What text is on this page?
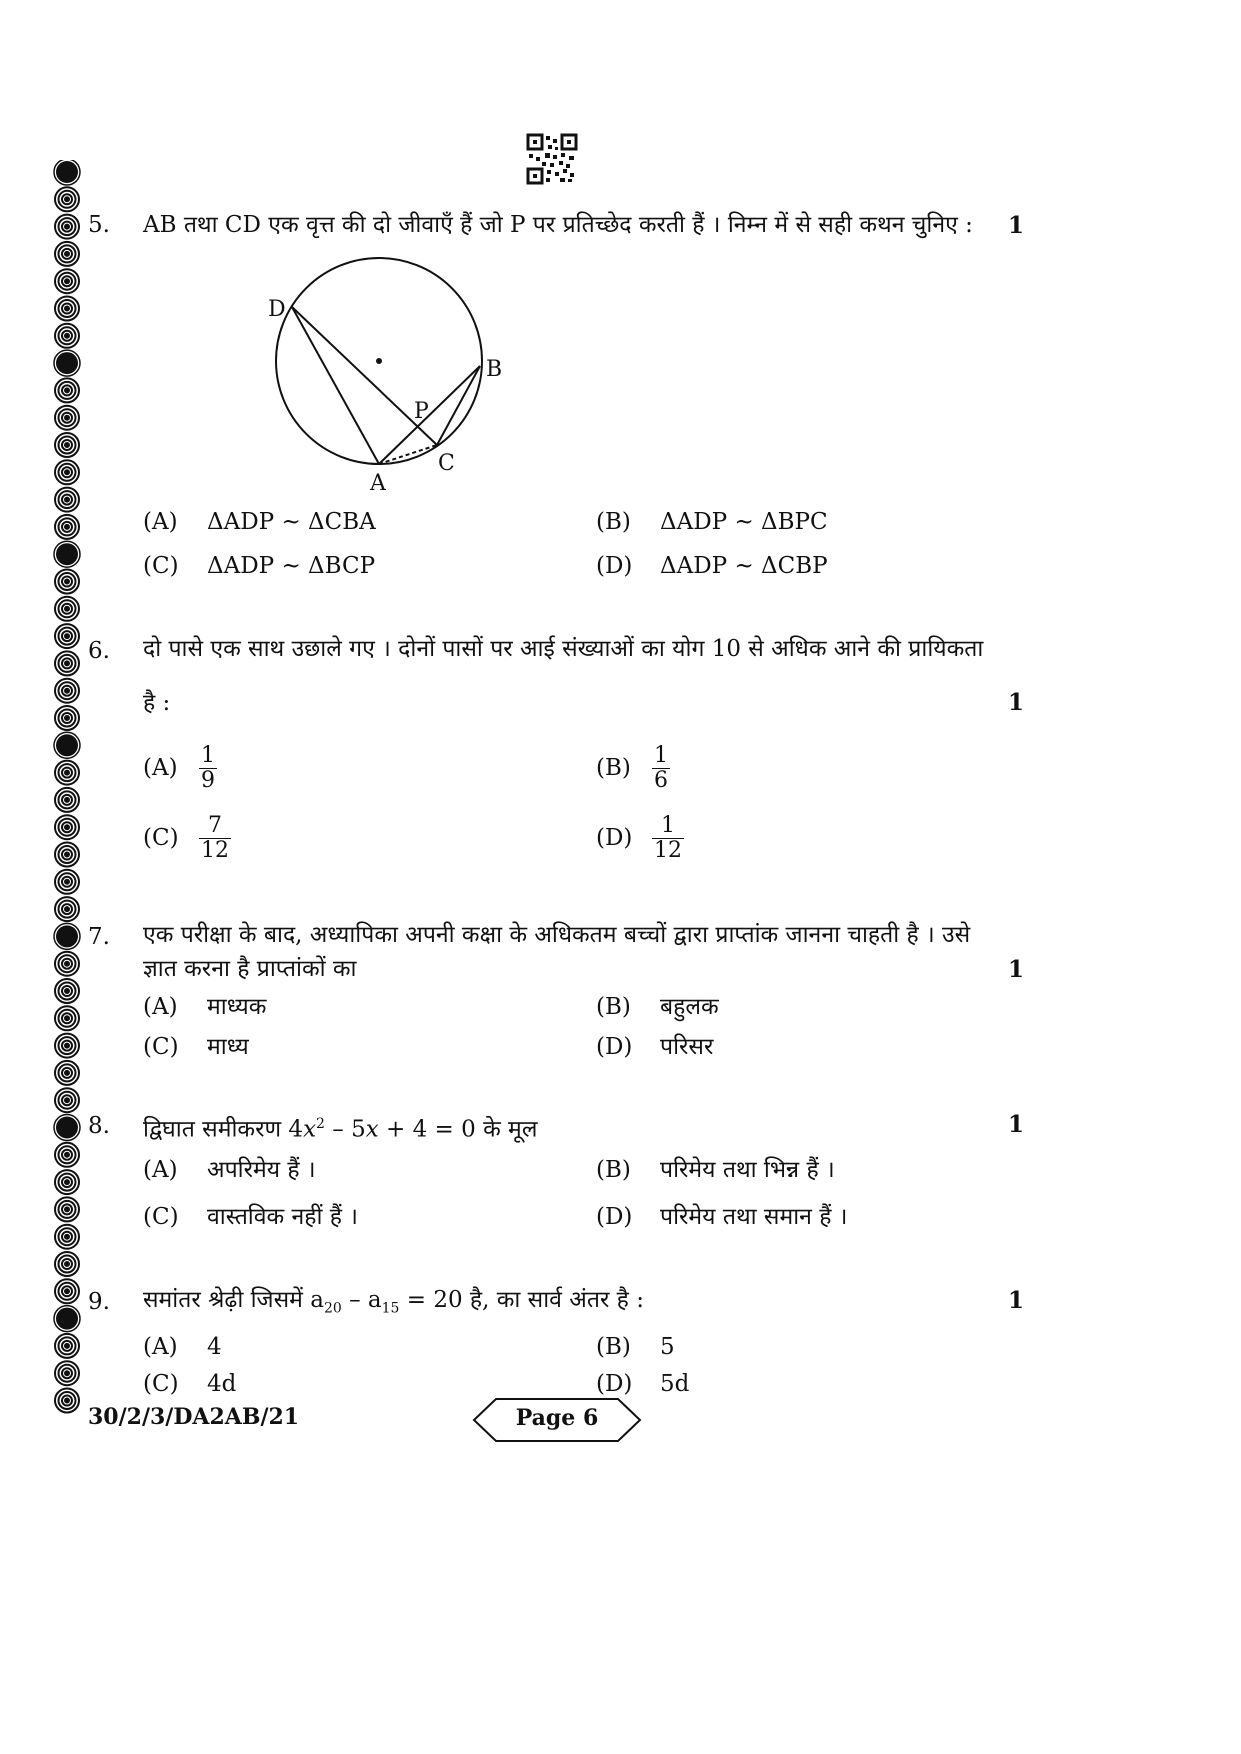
5. AB तथा CD एक वृत्त की दो जीवाएँ हैं जो P पर प्रतिच्छेद करती हैं । निम्न में से सही कथन चुनिए : 1
D
B
P
C
A
(A) ΔADP ~ ΔCBA	(B) ΔADP ~ ΔBPC
(C) ΔADP ~ ΔBCP	(D) ΔADP ~ ΔCBP
6. दो पासे एक साथ उछाले गए । दोनों पासों पर आई संख्याओं का योग 10 से अधिक आने की प्रायिकता
है :	1
$(A) \frac{1}{9}$	$(B) \frac{1}{6}$
$(C) \frac{7}{12}$	$(D) \frac{1}{12}$
7. एक परीक्षा के बाद, अध्यापिका अपनी कक्षा के अधिकतम बच्चों द्वारा प्राप्तांक जानना चाहती है । उसे
ज्ञात करना है प्राप्तांकों का	1
(A) माध्यक	(B) बहुलक
(C) माध्य	(D) परिसर
8. द्विघात समीकरण $4x^2 - 5x + 4 = 0$ के मूल	1
(A) अपरिमेय हैं ।	(B) परिमेय तथा भिन्न हैं ।
(C) वास्तविक नहीं हैं ।	(D) परिमेय तथा समान हैं ।
9. समांतर श्रेढ़ी जिसमें $a_{20} - a_{15} = 20$ है, का सार्व अंतर है :	1
(A) 4	(B) 5
(C) 4d	(D) 5d
30/2/3/DA2AB/21	Page 6
